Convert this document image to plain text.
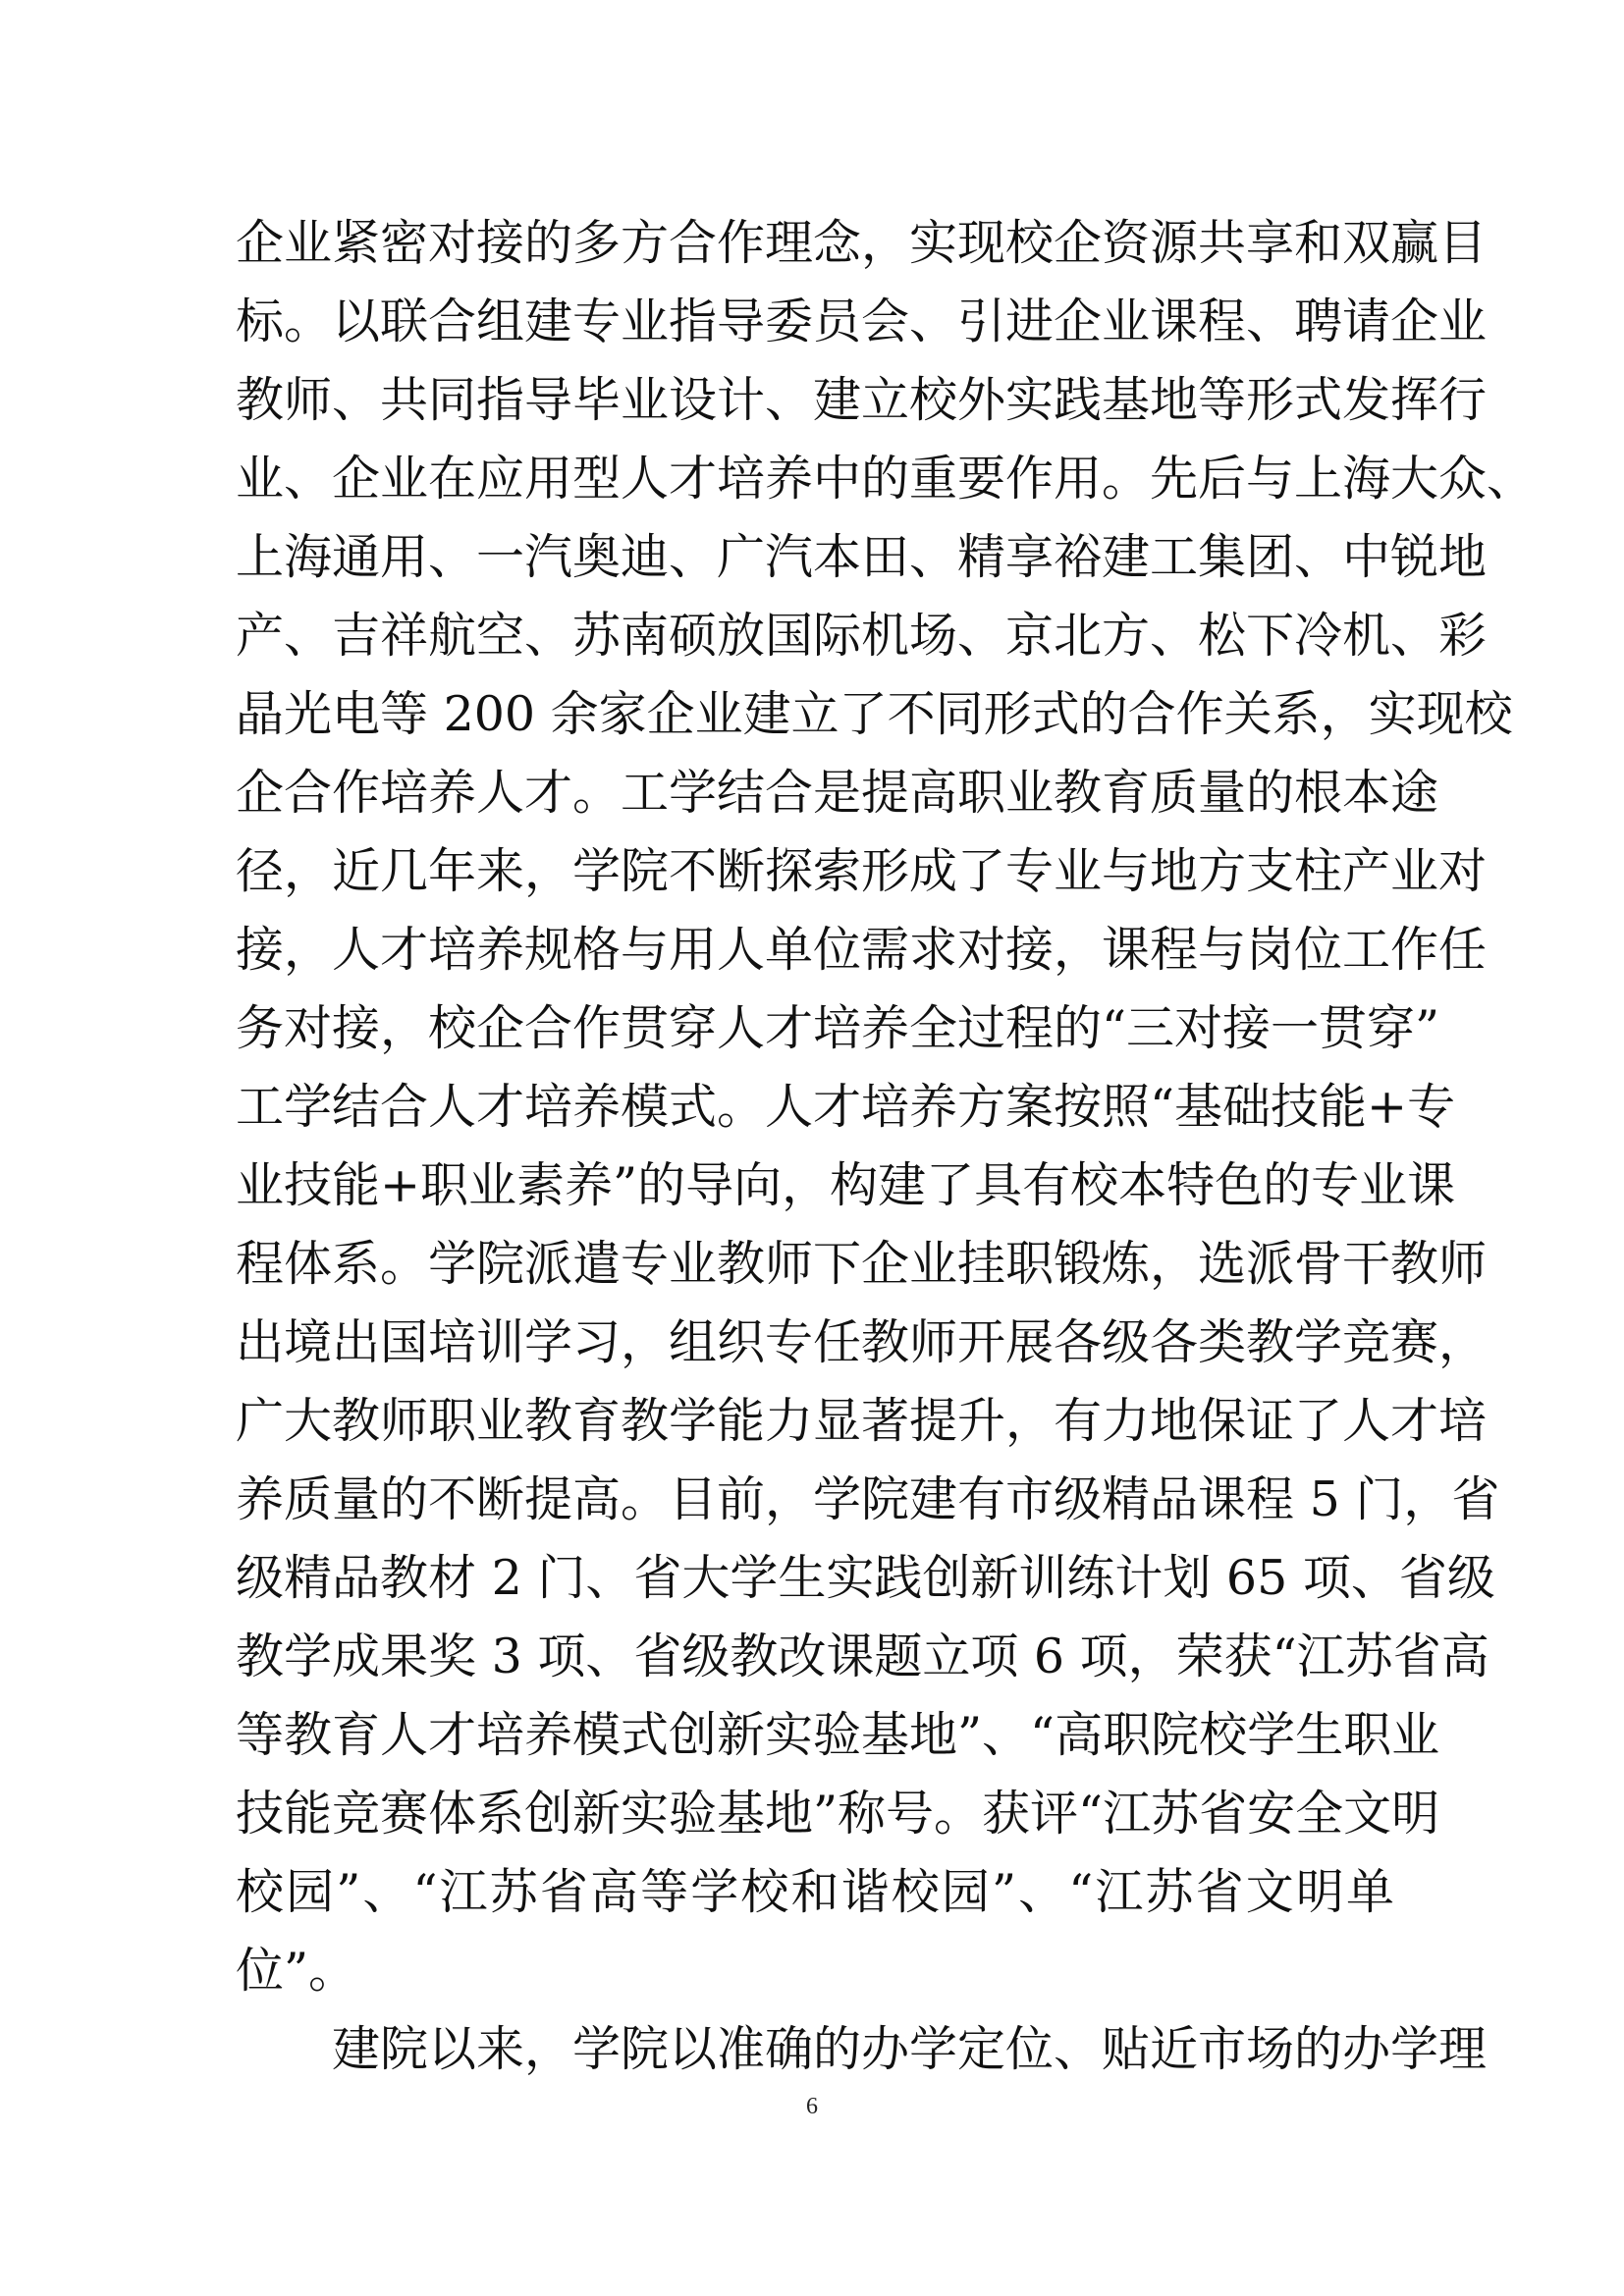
企业紧密对接的多方合作理念，实现校企资源共享和双赢目
标。以联合组建专业指导委员会、引进企业课程、聘请企业
教师、共同指导毕业设计、建立校外实践基地等形式发挥行
业、企业在应用型人才培养中的重要作用。先后与上海大众、
上海通用、一汽奥迪、广汽本田、精享裕建工集团、中锐地
产、吉祥航空、苏南硕放国际机场、京北方、松下冷机、彩
晶光电等 200 余家企业建立了不同形式的合作关系，实现校
企合作培养人才。工学结合是提高职业教育质量的根本途
径，近几年来，学院不断探索形成了专业与地方支柱产业对
接，人才培养规格与用人单位需求对接，课程与岗位工作任
务对接，校企合作贯穿人才培养全过程的“三对接一贯穿”
工学结合人才培养模式。人才培养方案按照“基础技能+专
业技能+职业素养”的导向，构建了具有校本特色的专业课
程体系。学院派遣专业教师下企业挂职锻炼，选派骨干教师
出境出国培训学习，组织专任教师开展各级各类教学竞赛，
广大教师职业教育教学能力显著提升，有力地保证了人才培
养质量的不断提高。目前，学院建有市级精品课程 5 门，省
级精品教材 2 门、省大学生实践创新训练计划 65 项、省级
教学成果奖 3 项、省级教改课题立项 6 项，荣获“江苏省高
等教育人才培养模式创新实验基地”、“高职院校学生职业
技能竞赛体系创新实验基地”称号。获评“江苏省安全文明
校园”、“江苏省高等学校和谐校园”、“江苏省文明单
位”。
建院以来，学院以准确的办学定位、贴近市场的办学理
6
